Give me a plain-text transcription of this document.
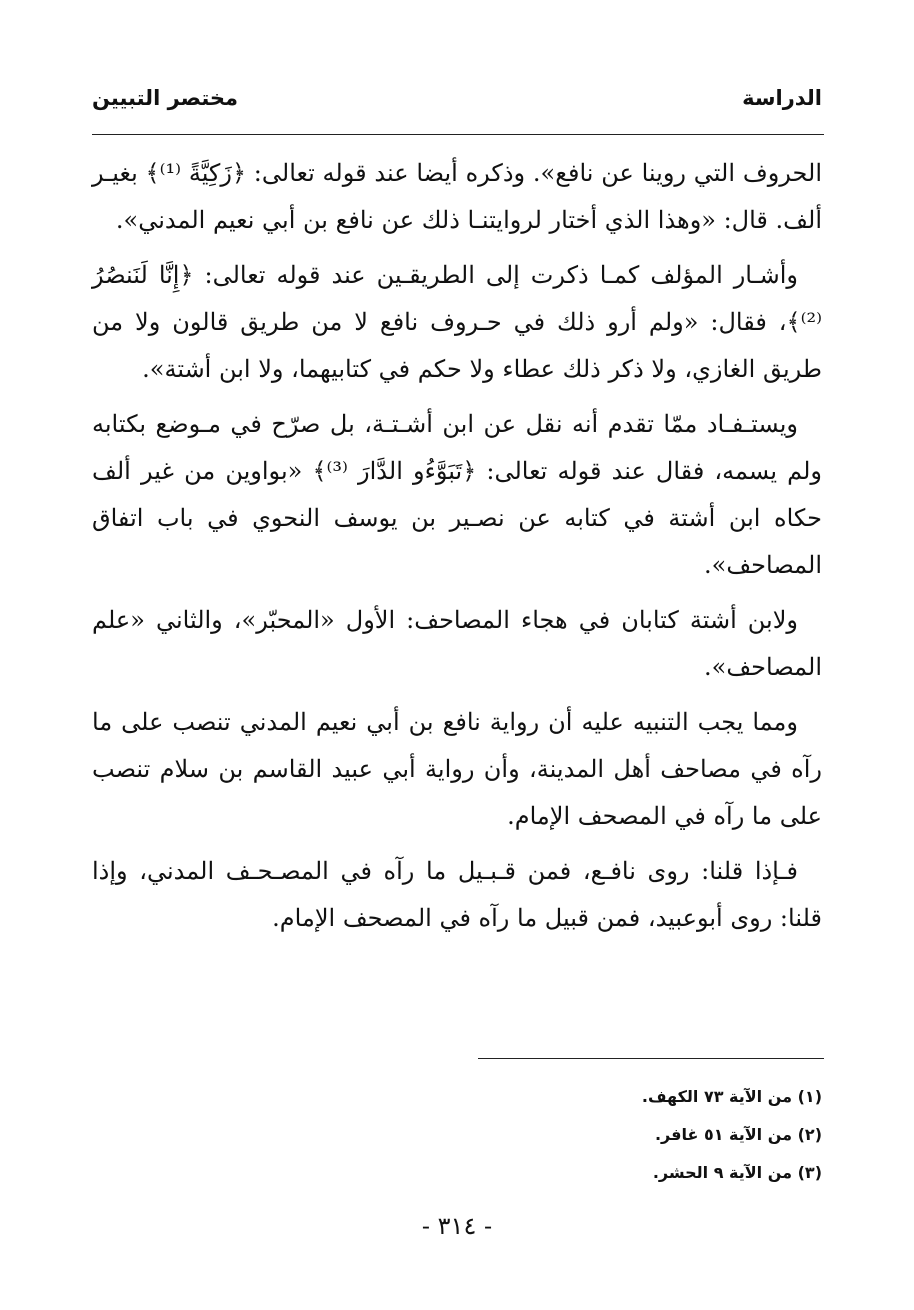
الدراسة
مختصر التبيين

الحروف التي روينا عن نافع». وذكره أيضا عند قوله تعالى: ﴿زَكِيَّةً ⁽¹⁾﴾ بغيـر ألف. قال: «وهذا الذي أختار لروايتنـا ذلك عن نافع بن أبي نعيم المدني».

وأشـار المؤلف كمـا ذكرت إلى الطريقـين عند قوله تعالى: ﴿إِنَّا لَنَنصُرُ ⁽²⁾﴾، فقال: «ولم أرو ذلك في حـروف نافع لا من طريق قالون ولا من طريق الغازي، ولا ذكر ذلك عطاء ولا حكم في كتابيهما، ولا ابن أشتة».

ويستـفـاد ممّا تقدم أنه نقل عن ابن أشـتـة، بل صرّح في مـوضع بكتابه ولم يسمه، فقال عند قوله تعالى: ﴿تَبَوَّءُو الدَّارَ ⁽³⁾﴾ «بواوين من غير ألف حكاه ابن أشتة في كتابه عن نصـير بن يوسف النحوي في باب اتفاق المصاحف».

ولابن أشتة كتابان في هجاء المصاحف: الأول «المحبّر»، والثاني «علم المصاحف».

ومما يجب التنبيه عليه أن رواية نافع بن أبي نعيم المدني تنصب على ما رآه في مصاحف أهل المدينة، وأن رواية أبي عبيد القاسم بن سلام تنصب على ما رآه في المصحف الإمام.

فـإذا قلنا: روى نافـع، فمن قـبـيل ما رآه في المصـحـف المدني، وإذا قلنا: روى أبوعبيد، فمن قبيل ما رآه في المصحف الإمام.

(١) من الآية ٧٣ الكهف.
(٢) من الآية ٥١ غافر.
(٣) من الآية ٩ الحشر.
- ٣١٤ -
